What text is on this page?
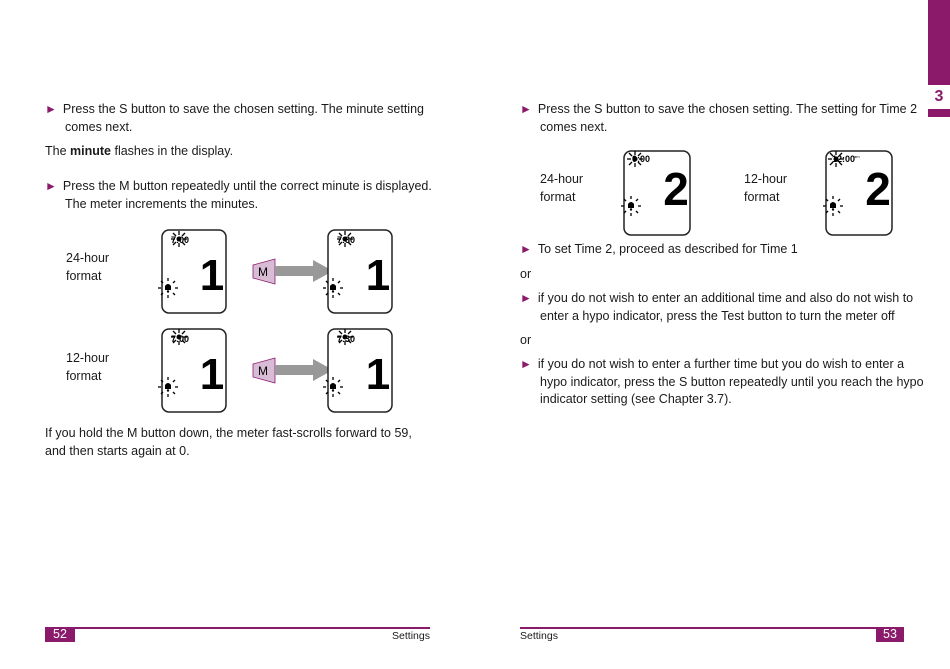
3
► Press the S button to save the chosen setting. The minute setting comes next.
The minute flashes in the display.
► Press the M button repeatedly until the correct minute is displayed. The meter increments the minutes.
24-hour
format
12-hour
format
7:00
1	M
7:30
1
7:00
1	M
7:30
1
If you hold the M button down, the meter fast-scrolls forward to 59, and then starts again at 0.
52	Settings
► Press the S button to save the chosen setting. The setting for Time 2 comes next.
24-hour
format
12-hour
format
0:00
2
12:00
am
2
► To set Time 2, proceed as described for Time 1
or
► if you do not wish to enter an additional time and also do not wish to enter a hypo indicator, press the Test button to turn the meter off
or
► if you do not wish to enter a further time but you do wish to enter a hypo indicator, press the S button repeatedly until you reach the hypo indicator setting (see Chapter 3.7).
Settings	53
